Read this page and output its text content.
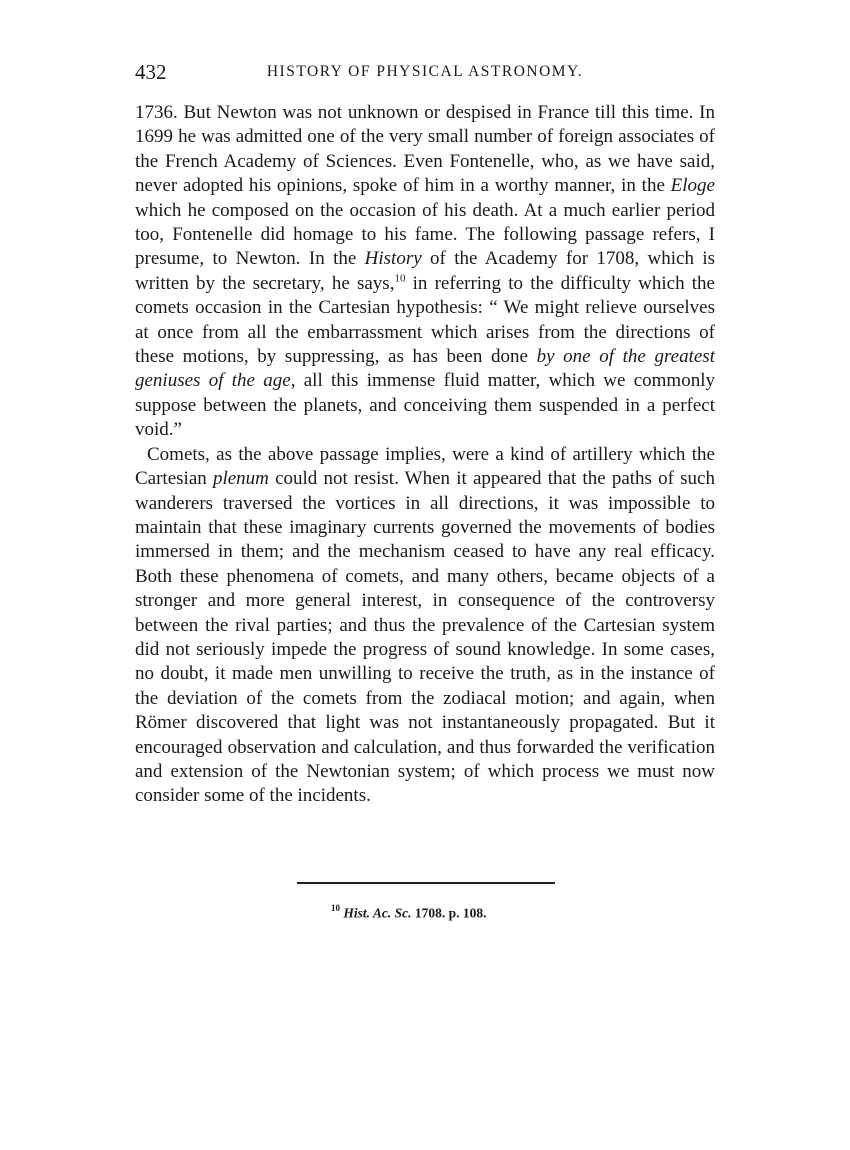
432	HISTORY OF PHYSICAL ASTRONOMY.

1736. But Newton was not unknown or despised in France till this time. In 1699 he was admitted one of the very small number of foreign associates of the French Academy of Sciences. Even Fontenelle, who, as we have said, never adopted his opinions, spoke of him in a worthy manner, in the Eloge which he composed on the occasion of his death. At a much earlier period too, Fontenelle did homage to his fame. The following passage refers, I presume, to Newton. In the History of the Academy for 1708, which is written by the secretary, he says,$^{10}$ in referring to the difficulty which the comets occasion in the Cartesian hypothesis: “ We might relieve ourselves at once from all the embarrassment which arises from the directions of these motions, by suppressing, as has been done by one of the greatest geniuses of the age, all this immense fluid matter, which we commonly suppose between the planets, and conceiving them suspended in a perfect void.”

Comets, as the above passage implies, were a kind of artillery which the Cartesian plenum could not resist. When it appeared that the paths of such wanderers traversed the vortices in all directions, it was impossible to maintain that these imaginary currents governed the movements of bodies immersed in them; and the mechanism ceased to have any real efficacy. Both these phenomena of comets, and many others, became objects of a stronger and more general interest, in consequence of the controversy between the rival parties; and thus the prevalence of the Cartesian system did not seriously impede the progress of sound knowledge. In some cases, no doubt, it made men unwilling to receive the truth, as in the instance of the deviation of the comets from the zodiacal motion; and again, when Römer discovered that light was not instantaneously propagated. But it encouraged observation and calculation, and thus forwarded the verification and extension of the Newtonian system; of which process we must now consider some of the incidents.

$^{10}$ Hist. Ac. Sc. 1708. p. 108.
